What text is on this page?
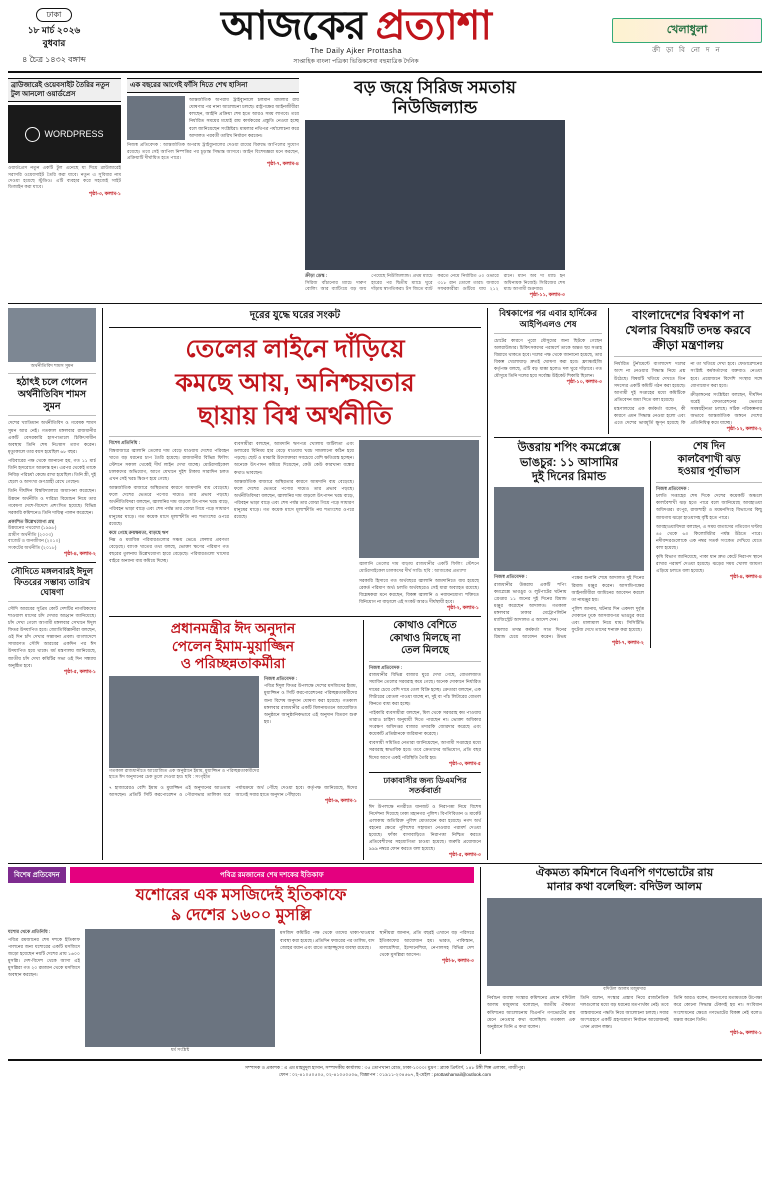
ঢাকা
১৮ মার্চ ২০২৬
বুধবার
৪ চৈত্র ১৪৩২ বঙ্গাব্দ
আজকের প্রত্যাশা
The Daily Ajker Prottasha
সাপ্তাহিক বাংলা পত্রিকা ভিত্তিকসেবা বহুমাত্রিক দৈনিক
খেলাধুলা
ক্রী ড়া বি নো দ ন
ব্রাউজারেই ওয়েবসাইট তৈরির নতুন টুল আনলো ওয়ার্ডপ্রেস
WORDPRESS
ওয়ার্ডপ্রেস নতুন একটি টুল এনেছে যা দিয়ে ব্রাউজারেই সরাসরি ওয়েবসাইট তৈরি করা যাবে। নতুন এ সুবিধার নাম দেওয়া হয়েছে স্টুডিও। এটি ব্যবহার করে সহজেই সাইট ডিজাইন করা যাবে।
পৃষ্ঠা-৩, কলাম-১
এক বছরের আগেই ফাঁসি দিতে শেখ হাসিনা
আন্তর্জাতিক অপরাধ ট্রাইব্যুনালে চলমান মামলার রায় ঘোষণার পর নানা আলোচনা চলছে। রাষ্ট্রপক্ষের আইনজীবীরা বলছেন, আইনি প্রক্রিয়া শেষ হতে আরও সময় লাগবে। তবে নির্ধারিত সময়ের মধ্যেই রায় কার্যকরের প্রস্তুতি নেওয়া হচ্ছে বলে জানিয়েছেন সংশ্লিষ্টরা। মামলার নথিপত্র পর্যালোচনা করে আদালত পরবর্তী তারিখ নির্ধারণ করবেন।
নিজস্ব প্রতিবেদক : আন্তর্জাতিক অপরাধ ট্রাইব্যুনালের দেওয়া রায়ের বিরুদ্ধে আপিলের সুযোগ রয়েছে। তবে সেই আপিল নিষ্পত্তির পর চূড়ান্ত সিদ্ধান্ত আসবে। আইন বিশেষজ্ঞরা মনে করছেন, প্রক্রিয়াটি দীর্ঘায়িত হতে পারে।
পৃষ্ঠা-৭, কলাম-৪
বড় জয়ে সিরিজ সমতায়
নিউজিল্যান্ড
ক্রীড়া ডেস্ক :
সিরিজ বাঁচানোর ম্যাচে দারুণ বোলিং আর ব্যাটিংয়ে বড় জয় পেয়েছে নিউজিল্যান্ড। প্রথম ম্যাচে হারের পর দ্বিতীয় ম্যাচে ঘুরে দাঁড়ায় স্বাগতিকরা। টস জিতে ব্যাট করতে নেমে নির্ধারিত ৫০ ওভারে ৩১৮ রান তোলে তারা। জবাবে সফরকারীরা গুটিয়ে যায় ২১২ রানে। ম্যান অব দ্য ম্যাচ হন অধিনায়ক নিজেই। সিরিজের শেষ ম্যাচ আগামী শুক্রবার।
পৃষ্ঠা-১১, কলাম-৩
অর্থনীতিবিদ শামস সুমন
হঠাৎই চলে গেলেন অর্থনীতিবিদ শামস সুমন
দেশের খ্যাতিমান অর্থনীতিবিদ ও গবেষক শামস সুমন আর নেই। গতকাল মঙ্গলবার রাজধানীর একটি বেসরকারি হাসপাতালে চিকিৎসাধীন অবস্থায় তিনি শেষ নিঃশ্বাস ত্যাগ করেন। মৃত্যুকালে তার বয়স হয়েছিল ৬৮ বছর।
পরিবারের পক্ষ থেকে জানানো হয়, গত ১১ মার্চ তিনি হৃদরোগে আক্রান্ত হন। এরপর থেকেই তাকে নিবিড় পরিচর্যা কেন্দ্রে রাখা হয়েছিল। তিনি স্ত্রী, দুই ছেলে ও অসংখ্য গুণগ্রাহী রেখে গেছেন।
তিনি দীর্ঘদিন বিশ্ববিদ্যালয়ে অধ্যাপনা করেছেন। উন্নয়ন অর্থনীতি ও দারিদ্র্য বিমোচন নিয়ে তার গবেষণা দেশে-বিদেশে প্রশংসিত হয়েছে। বিভিন্ন সরকারি কমিশনেও তিনি দায়িত্ব পালন করেছেন।
প্রকাশিত উল্লেখযোগ্য গ্রন্থ
উন্নয়নের পথরেখা (১৯৯৮)
গ্রামীণ অর্থনীতি (২০০৩)
বাজেট ও জনজীবন (২০১০)
সংকটের অর্থনীতি (২০১৮)
পৃষ্ঠা-৪, কলাম-২
সৌদিতে মঙ্গলবারই ঈদুল ফিতরের সম্ভাব্য তারিখ ঘোষণা
সৌদি আরবের সুপ্রিম কোর্ট দেশটির নাগরিকদের শাওয়াল মাসের চাঁদ দেখার আহ্বান জানিয়েছে। চাঁদ দেখা গেলে আগামী মঙ্গলবার সেখানে ঈদুল ফিতর উদযাপিত হবে। জ্যোতির্বিজ্ঞানীরা বলছেন, ওই দিন চাঁদ দেখার সম্ভাবনা প্রবল। বাংলাদেশে সাধারণত সৌদি আরবের একদিন পর ঈদ উদযাপিত হয়ে থাকে। ধর্ম মন্ত্রণালয় জানিয়েছে, জাতীয় চাঁদ দেখা কমিটির সভা ওই দিন সন্ধ্যায় অনুষ্ঠিত হবে।
পৃষ্ঠা-৫, কলাম-১
দূরের যুদ্ধে ঘরের সংকট
তেলের লাইনে দাঁড়িয়ে
কমছে আয়, অনিশ্চয়তার
ছায়ায় বিশ্ব অর্থনীতি
বিশেষ প্রতিনিধি :
বিশ্ববাজারে জ্বালানি তেলের দাম বেড়ে যাওয়ায় দেশের পরিবহন খাতে বড় ধরনের চাপ তৈরি হয়েছে। রাজধানীর বিভিন্ন ফিলিং স্টেশনে সকাল থেকেই দীর্ঘ লাইন দেখা যাচ্ছে। মোটরসাইকেল চালকদের অভিযোগ, আগে যেখানে দুইশ টাকায় সারাদিন চলত এখন সেই খরচ দ্বিগুণ হয়ে গেছে।
আন্তর্জাতিক বাজারে অস্থিরতার কারণে আমদানি ব্যয় বেড়েছে। ফলে দেশের ভেতরে পণ্যের দামেও তার প্রভাব পড়ছে। অর্থনীতিবিদরা বলছেন, জ্বালানির দাম বাড়লে উৎপাদন খরচ বাড়ে, পরিবহন ভাড়া বাড়ে এবং শেষ পর্যন্ত তার বোঝা গিয়ে পড়ে সাধারণ মানুষের ঘাড়ে। গত কয়েক মাসে মূল্যস্ফীতি নয় শতাংশের ওপরে রয়েছে।
কমে গেছে ক্রয়ক্ষমতা, বাড়ছে ঋণ
নিম্ন ও মধ্যবিত্ত পরিবারগুলোর সঞ্চয় ভেঙে ফেলার প্রবণতা বেড়েছে। ব্যাংক খাতের তথ্য বলছে, ভোক্তা ঋণের পরিমাণ গত বছরের তুলনায় উল্লেখযোগ্য হারে বেড়েছে। পরিবারগুলো খাদ্যের বাইরে অন্যান্য ব্যয় কমিয়ে দিচ্ছে।
ব্যবসায়ীরা বলছেন, আমদানি ঋণপত্র খোলায় জটিলতা এবং ডলারের বিনিময় হার বেড়ে যাওয়ায় খরচ সামলানো কঠিন হয়ে পড়ছে। ছোট ও মাঝারি উদ্যোক্তারা সবচেয়ে বেশি ক্ষতিগ্রস্ত হচ্ছেন। অনেকে উৎপাদন কমিয়ে দিয়েছেন, কেউ কেউ কারখানা বন্ধের কথাও ভাবছেন।
আন্তর্জাতিক বাজারে অস্থিরতার কারণে আমদানি ব্যয় বেড়েছে। ফলে দেশের ভেতরে পণ্যের দামেও তার প্রভাব পড়ছে। অর্থনীতিবিদরা বলছেন, জ্বালানির দাম বাড়লে উৎপাদন খরচ বাড়ে, পরিবহন ভাড়া বাড়ে এবং শেষ পর্যন্ত তার বোঝা গিয়ে পড়ে সাধারণ মানুষের ঘাড়ে। গত কয়েক মাসে মূল্যস্ফীতি নয় শতাংশের ওপরে রয়েছে।
জ্বালানি তেলের দাম বাড়ায় রাজধানীর একটি ফিলিং স্টেশনে মোটরসাইকেল চালকদের দীর্ঘ সারি। ছবি : আজকের প্রত্যাশা
সরকারি হিসাবে গত অর্থবছরে জ্বালানি আমদানিতে ব্যয় হয়েছে রেকর্ড পরিমাণ অর্থ। চলতি অর্থবছরেও সেই ধারা অব্যাহত রয়েছে। বিশ্লেষকরা মনে করছেন, বিকল্প জ্বালানি ও নবায়নযোগ্য শক্তিতে বিনিয়োগ না বাড়ালে এই সংকট আরও দীর্ঘস্থায়ী হবে।
পৃষ্ঠা-২, কলাম-১
প্রধানমন্ত্রীর ঈদ অনুদান
পেলেন ইমাম-মুয়াজ্জিন
ও পরিচ্ছন্নতাকর্মীরা
গতকাল রাজধানীতে আয়োজিত এক অনুষ্ঠানে ইমাম, মুয়াজ্জিন ও পরিচ্ছন্নতাকর্মীদের হাতে ঈদ অনুদানের চেক তুলে দেওয়া হয়। ছবি : সংগৃহীত
নিজস্ব প্রতিবেদক :
পবিত্র ঈদুল ফিতর উপলক্ষে দেশের মসজিদের ইমাম, মুয়াজ্জিন ও সিটি করপোরেশনের পরিচ্ছন্নতাকর্মীদের জন্য বিশেষ অনুদান ঘোষণা করা হয়েছে। গতকাল মঙ্গলবার রাজধানীর একটি মিলনায়তনে আয়োজিত অনুষ্ঠানে আনুষ্ঠানিকভাবে এই অনুদান বিতরণ শুরু হয়।
৭ হাজারেরও বেশি ইমাম ও মুয়াজ্জিন এই অনুদানের আওতায় আসছেন। প্রতিটি সিটি করপোরেশন ও পৌরসভার তালিকা ধরে পর্যায়ক্রমে অর্থ পৌঁছে দেওয়া হবে। কর্তৃপক্ষ জানিয়েছে, ঈদের আগেই সবার হাতে অনুদান পৌঁছাবে।
পৃষ্ঠা-৬, কলাম-১
কোথাও বেশিতে
কোথাও মিলছে না
তেল মিলছে
নিজস্ব প্রতিবেদক :
রাজধানীর বিভিন্ন বাজার ঘুরে দেখা গেছে, বোতলজাত সয়াবিন তেলের সরবরাহ কমে গেছে। অনেক দোকানে নির্ধারিত দামের চেয়ে বেশি দামে তেল বিক্রি হচ্ছে। ক্রেতারা বলছেন, এক লিটারের বোতল পাওয়া যাচ্ছে না, দুই বা পাঁচ লিটারের বোতল কিনতে বাধ্য করা হচ্ছে।
পাইকারি ব্যবসায়ীরা বলছেন, মিল থেকে সরবরাহ কম পাওয়ায় তারাও চাহিদা অনুযায়ী দিতে পারছেন না। ভোক্তা অধিকার সংরক্ষণ অধিদপ্তর বাজার তদারকি জোরদার করেছে এবং কয়েকটি প্রতিষ্ঠানকে জরিমানা করেছে।
ব্যবসায়ী সমিতির নেতারা জানিয়েছেন, আগামী সপ্তাহের মধ্যে সরবরাহ স্বাভাবিক হবে। তবে ক্রেতাদের অভিযোগ, প্রতি বছর ঈদের আগে একই পরিস্থিতি তৈরি হয়।
পৃষ্ঠা-৩, কলাম-৫
ঢাকাবাসীর জন্য ডিএমপির সতর্কবার্তা
ঈদ উপলক্ষে নগরীতে যানজট ও নিরাপত্তা নিয়ে বিশেষ নির্দেশনা দিয়েছে ঢাকা মহানগর পুলিশ। বিপণিবিতান ও মার্কেট এলাকায় অতিরিক্ত পুলিশ মোতায়েন করা হয়েছে। নগদ অর্থ বহনের ক্ষেত্রে পুলিশের সহায়তা নেওয়ার পরামর্শ দেওয়া হয়েছে। ফাঁকা বাসাবাড়িতে নিরাপত্তা নিশ্চিত করতে প্রতিবেশীদের সহযোগিতা চাওয়া হয়েছে। জরুরি প্রয়োজনে ৯৯৯ নম্বরে ফোন করতে বলা হয়েছে।
পৃষ্ঠা-৫, কলাম-৩
বিশ্বকাপের পর এবার হার্দিকের আইপিএলও শেষ
চোটের কারণে পুরো মৌসুমের জন্য ছিটকে গেছেন অলরাউন্ডার। চিকিৎসকদের পরামর্শে তাকে অন্তত ছয় সপ্তাহ বিশ্রামে থাকতে হবে। দলের পক্ষ থেকে জানানো হয়েছে, তার বিকল্প খেলোয়াড় দ্রুতই ঘোষণা করা হবে। ফ্র্যাঞ্চাইজি কর্তৃপক্ষ বলছে, এটি বড় ধাক্কা হলেও দল ঘুরে দাঁড়াবে। গত মৌসুমে তিনি দলের হয়ে সর্বোচ্চ উইকেট শিকারি ছিলেন।
পৃষ্ঠা-১০, কলাম-৩
বাংলাদেশের বিশ্বকাপ না
খেলার বিষয়টি তদন্ত করবে
ক্রীড়া মন্ত্রণালয়
নির্ধারিত টুর্নামেন্টে বাংলাদেশ দলের অংশ না নেওয়ার সিদ্ধান্ত নিয়ে প্রশ্ন উঠেছে। বিষয়টি খতিয়ে দেখতে তিন সদস্যের একটি কমিটি গঠন করা হয়েছে। আগামী দুই সপ্তাহের মধ্যে কমিটিকে প্রতিবেদন জমা দিতে বলা হয়েছে।
মন্ত্রণালয়ের এক কর্মকর্তা বলেন, কী কারণে এমন সিদ্ধান্ত নেওয়া হলো এবং এতে দেশের ভাবমূর্তি ক্ষুণ্ন হয়েছে কি না তা খতিয়ে দেখা হবে। ফেডারেশনের সংশ্লিষ্ট কর্মকর্তাদের বক্তব্যও নেওয়া হবে। প্রয়োজনে বিদেশি সংস্থার সঙ্গে যোগাযোগ করা হবে।
ক্রীড়াঙ্গনের সংশ্লিষ্টরা বলছেন, দীর্ঘদিন ধরেই ফেডারেশনের ভেতরে সমন্বয়হীনতা চলছে। সঠিক পরিকল্পনার অভাবে আন্তর্জাতিক অঙ্গনে দেশের প্রতিনিধিত্ব কমে যাচ্ছে।
পৃষ্ঠা-১২, কলাম-২
উত্তরায় শপিং কমপ্লেক্সে
ভাঙচুর: ১১ আসামির
দুই দিনের রিমান্ড
নিজস্ব প্রতিবেদক :
রাজধানীর উত্তরায় একটি শপিং কমপ্লেক্সে ভাঙচুর ও লুটপাটের ঘটনায় গ্রেপ্তার ১১ জনের দুই দিনের রিমান্ড মঞ্জুর করেছেন আদালত। গতকাল মঙ্গলবার ঢাকার মেট্রোপলিটন ম্যাজিস্ট্রেট আদালত এ আদেশ দেন।
মামলার তদন্ত কর্মকর্তা সাত দিনের রিমান্ড চেয়ে আবেদন করেন। উভয় পক্ষের শুনানি শেষে আদালত দুই দিনের রিমান্ড মঞ্জুর করেন। আসামিপক্ষের আইনজীবীরা জামিনের আবেদন করলে তা নামঞ্জুর হয়।
পুলিশ জানায়, ঘটনার দিন একদল দুর্বৃত্ত দোকানে ঢুকে আসবাবপত্র ভাঙচুর করে এবং মালামাল নিয়ে যায়। সিসিটিভি ফুটেজ দেখে তাদের শনাক্ত করা হয়েছে।
পৃষ্ঠা-৭, কলাম-২
শেষ দিন
কালবৈশাখী ঝড়
হওয়ার পূর্বাভাস
নিজস্ব প্রতিবেদক :
চলতি সপ্তাহের শেষ দিকে দেশের কয়েকটি অঞ্চলে কালবৈশাখী ঝড় হতে পারে বলে জানিয়েছে আবহাওয়া অধিদপ্তর। রংপুর, রাজশাহী ও ময়মনসিংহ বিভাগের কিছু জায়গায় ঝড়ো হাওয়াসহ বৃষ্টি হতে পারে।
আবহাওয়াবিদরা বলছেন, এ সময় বাতাসের গতিবেগ ঘণ্টায় ৪৫ থেকে ৬০ কিলোমিটার পর্যন্ত উঠতে পারে। নদীবন্দরগুলোকে এক নম্বর সতর্ক সংকেত দেখিয়ে যেতে বলা হয়েছে।
কৃষি বিভাগ জানিয়েছে, পাকা ধান দ্রুত কেটে নিরাপদ স্থানে রাখার পরামর্শ দেওয়া হয়েছে। ঝড়ের সময় খোলা জায়গা এড়িয়ে চলতে বলা হয়েছে।
পৃষ্ঠা-৪, কলাম-৪
বিশেষ প্রতিবেদন	পবিত্র রমজানের শেষ দশকের ইতিকাফ
যশোরের এক মসজিদেই ইতিকাফে
৯ দেশের ১৬০০ মুসল্লি
যশোর থেকে প্রতিনিধি :
পবিত্র রমজানের শেষ দশকে ইতিকাফ পালনের জন্য যশোরের একটি মসজিদে জড়ো হয়েছেন নয়টি দেশের প্রায় ১৬০০ মুসল্লি। দেশ-বিদেশ থেকে আসা এই মুসল্লিরা গত ২০ রমজান থেকে মসজিদে অবস্থান করছেন।
ধর্ম সংশ্লিষ্ট
মসজিদ কমিটির পক্ষ থেকে তাদের থাকা-খাওয়ার ব্যবস্থা করা হয়েছে। প্রতিদিন ফজরের পর তালিম, বাদ জোহর বয়ান এবং রাতে তাহাজ্জুদের ব্যবস্থা রয়েছে।
স্থানীয়রা জানান, প্রতি বছরই এখানে বড় পরিসরে ইতিকাফের আয়োজন হয়। ভারত, পাকিস্তান, মালয়েশিয়া, ইন্দোনেশিয়া, নেপালসহ বিভিন্ন দেশ থেকে মুসল্লিরা আসেন।
পৃষ্ঠা-৮, কলাম-৩
ঐকমত্য কমিশনে বিএনপি গণভোটের রায়
মানার কথা বলেছিল: বদিউল আলম
বদিউল আলম মজুমদার
নির্বাচন ব্যবস্থা সংস্কার কমিশনের প্রধান বদিউল আলম মজুমদার বলেছেন, জাতীয় ঐকমত্য কমিশনের আলোচনায় বিএনপি গণভোটের রায় মেনে নেওয়ার কথা বলেছিল। গতকাল এক অনুষ্ঠানে তিনি এ কথা বলেন।
তিনি বলেন, সংস্কার প্রস্তাব নিয়ে রাজনৈতিক দলগুলোর মধ্যে বড় ধরনের মতপার্থক্য নেই। তবে বাস্তবায়নের পদ্ধতি নিয়ে আলোচনা চলছে। সবার অংশগ্রহণে একটি গ্রহণযোগ্য নির্বাচন আয়োজনই এখন প্রধান লক্ষ্য।
তিনি আরও বলেন, জনগণের মতামতকে উপেক্ষা করে কোনো সিদ্ধান্ত টেকসই হয় না। সংবিধান সংশোধনের ক্ষেত্রে গণভোটের বিকল্প নেই বলেও মন্তব্য করেন তিনি।
পৃষ্ঠা-৯, কলাম-১
সম্পাদক ও প্রকাশক : এ এম মাহমুদুল হাসান, সম্পাদকীয় কার্যালয় : ৩৫ তোপখানা রোড, ঢাকা-১০০০। মুদ্রণ : ব্র্যাক প্রিন্টার্স, ১৪৮ টঙ্গী শিল্প এলাকা, গাজীপুর।
ফোন : ০২-৪১০৫০৫০৫, ০২-৪১০৫০৫০৬, বিজ্ঞাপন : ০১৯১১-২৩৪৫৬৭, ই-মেইল : prottashamail@outlook.com
